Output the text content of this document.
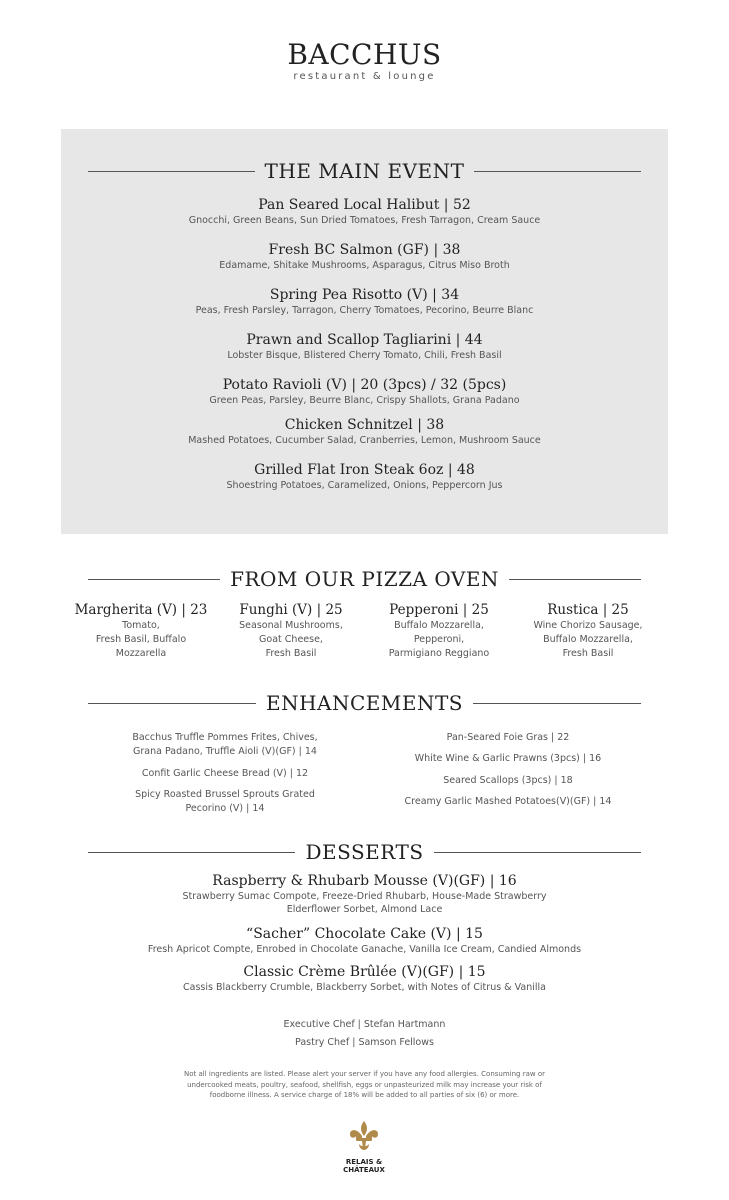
BACCHUS
restaurant & lounge
THE MAIN EVENT
Pan Seared Local Halibut | 52
Gnocchi, Green Beans, Sun Dried Tomatoes, Fresh Tarragon, Cream Sauce
Fresh BC Salmon (GF) | 38
Edamame, Shitake Mushrooms, Asparagus, Citrus Miso Broth
Spring Pea Risotto (V) | 34
Peas, Fresh Parsley, Tarragon, Cherry Tomatoes, Pecorino, Beurre Blanc
Prawn and Scallop Tagliarini | 44
Lobster Bisque, Blistered Cherry Tomato, Chili, Fresh Basil
Potato Ravioli (V) | 20 (3pcs) / 32 (5pcs)
Green Peas, Parsley, Beurre Blanc, Crispy Shallots, Grana Padano
Chicken Schnitzel | 38
Mashed Potatoes, Cucumber Salad, Cranberries, Lemon, Mushroom Sauce
Grilled Flat Iron Steak 6oz | 48
Shoestring Potatoes, Caramelized, Onions, Peppercorn Jus
FROM OUR PIZZA OVEN
Margherita (V) | 23
Tomato,
Fresh Basil, Buffalo
Mozzarella
Funghi (V) | 25
Seasonal Mushrooms,
Goat Cheese,
Fresh Basil
Pepperoni | 25
Buffalo Mozzarella,
Pepperoni,
Parmigiano Reggiano
Rustica | 25
Wine Chorizo Sausage,
Buffalo Mozzarella,
Fresh Basil
ENHANCEMENTS
Bacchus Truffle Pommes Frites, Chives,
Grana Padano, Truffle Aioli (V)(GF) | 14
Confit Garlic Cheese Bread (V) | 12
Spicy Roasted Brussel Sprouts Grated
Pecorino (V) | 14
Pan-Seared Foie Gras | 22
White Wine & Garlic Prawns (3pcs) | 16
Seared Scallops (3pcs) | 18
Creamy Garlic Mashed Potatoes(V)(GF) | 14
DESSERTS
Raspberry & Rhubarb Mousse (V)(GF) | 16
Strawberry Sumac Compote, Freeze-Dried Rhubarb, House-Made Strawberry
Elderflower Sorbet, Almond Lace
“Sacher” Chocolate Cake (V) | 15
Fresh Apricot Compte, Enrobed in Chocolate Ganache, Vanilla Ice Cream, Candied Almonds
Classic Crème Brûlée (V)(GF) | 15
Cassis Blackberry Crumble, Blackberry Sorbet, with Notes of Citrus & Vanilla
Executive Chef | Stefan Hartmann
Pastry Chef | Samson Fellows
Not all ingredients are listed. Please alert your server if you have any food allergies. Consuming raw or
undercooked meats, poultry, seafood, shellfish, eggs or unpasteurized milk may increase your risk of
foodborne illness. A service charge of 18% will be added to all parties of six (6) or more.
RELAIS &
CHÂTEAUX
